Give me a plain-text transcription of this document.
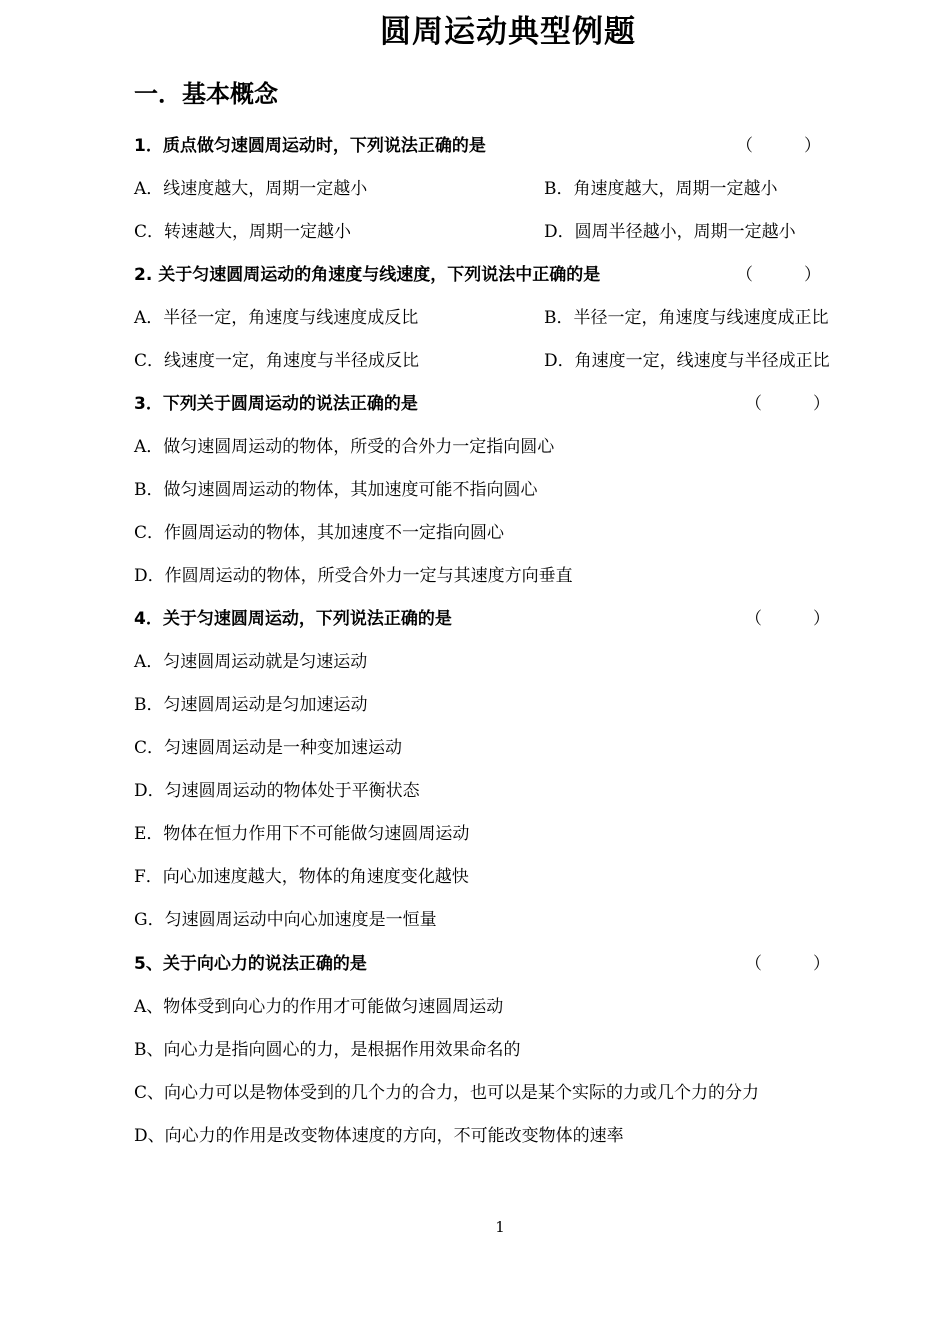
圆周运动典型例题
一．基本概念
1．质点做匀速圆周运动时，下列说法正确的是	（	）
A．线速度越大，周期一定越小	B．角速度越大，周期一定越小
C．转速越大，周期一定越小	D．圆周半径越小，周期一定越小
2. 关于匀速圆周运动的角速度与线速度，下列说法中正确的是	（	）
A．半径一定，角速度与线速度成反比	B．半径一定，角速度与线速度成正比
C．线速度一定，角速度与半径成反比	D．角速度一定，线速度与半径成正比
3．下列关于圆周运动的说法正确的是	（	）
A．做匀速圆周运动的物体，所受的合外力一定指向圆心
B．做匀速圆周运动的物体，其加速度可能不指向圆心
C．作圆周运动的物体，其加速度不一定指向圆心
D．作圆周运动的物体，所受合外力一定与其速度方向垂直
4．关于匀速圆周运动，下列说法正确的是	（	）
A．匀速圆周运动就是匀速运动
B．匀速圆周运动是匀加速运动
C．匀速圆周运动是一种变加速运动
D．匀速圆周运动的物体处于平衡状态
E．物体在恒力作用下不可能做匀速圆周运动
F．向心加速度越大，物体的角速度变化越快
G．匀速圆周运动中向心加速度是一恒量
5、关于向心力的说法正确的是	（	）
A、物体受到向心力的作用才可能做匀速圆周运动
B、向心力是指向圆心的力，是根据作用效果命名的
C、向心力可以是物体受到的几个力的合力，也可以是某个实际的力或几个力的分力
D、向心力的作用是改变物体速度的方向，不可能改变物体的速率
1
